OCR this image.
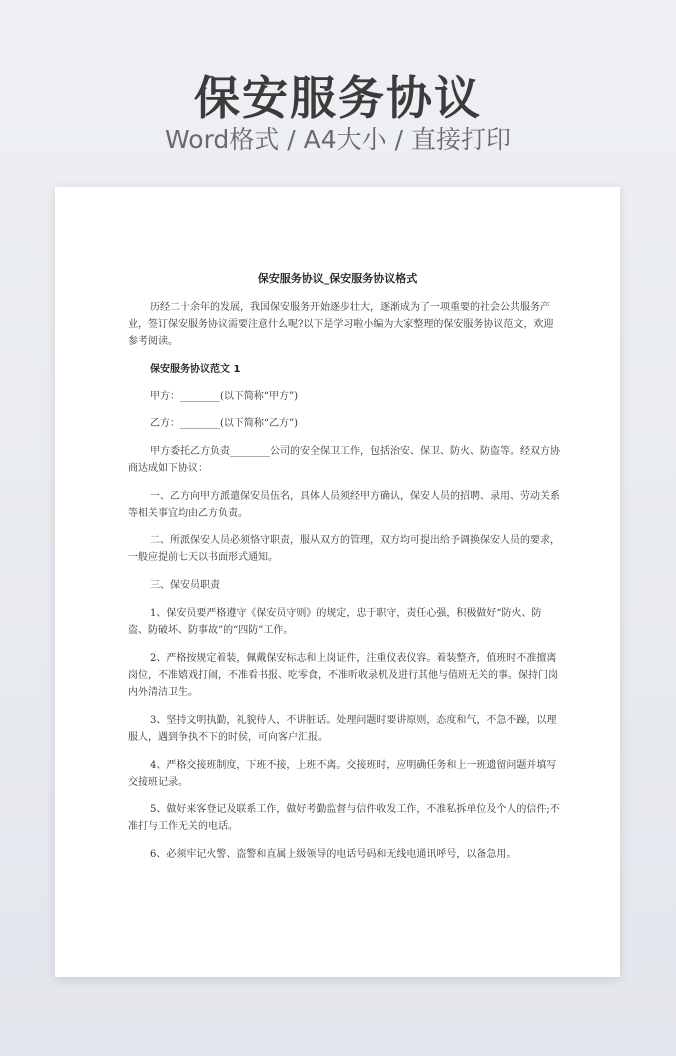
保安服务协议
Word格式 / A4大小 / 直接打印
保安服务协议_保安服务协议格式

历经二十余年的发展，我国保安服务开始逐步壮大，逐渐成为了一项重要的社会公共服务产业，签订保安服务协议需要注意什么呢?以下是学习啦小编为大家整理的保安服务协议范文，欢迎参考阅读。

保安服务协议范文 1

甲方：________(以下简称“甲方”)

乙方：________(以下简称“乙方”)

甲方委托乙方负责________公司的安全保卫工作，包括治安、保卫、防火、防盗等。经双方协商达成如下协议：

一、乙方向甲方派遣保安员伍名，具体人员须经甲方确认，保安人员的招聘、录用、劳动关系等相关事宜均由乙方负责。

二、所派保安人员必须恪守职责，服从双方的管理，双方均可提出给予调换保安人员的要求，一般应提前七天以书面形式通知。

三、保安员职责

1、保安员要严格遵守《保安员守则》的规定，忠于职守，责任心强，积极做好“防火、防盗、防破坏、防事故”的“四防”工作。

2、严格按规定着装，佩戴保安标志和上岗证件，注重仪表仪容。着装整齐，值班时不准擅离岗位，不准嬉戏打闹，不准看书报、吃零食，不准听收录机及进行其他与值班无关的事。保持门岗内外清洁卫生。

3、坚持文明执勤，礼貌待人，不讲脏话。处理问题时要讲原则，态度和气，不急不躁，以理服人，遇到争执不下的时侯，可向客户汇报。

4、严格交接班制度，下班不接，上班不离。交接班时，应明确任务和上一班遗留问题并填写交接班记录。

5、做好来客登记及联系工作，做好考勤监督与信件收发工作，不准私拆单位及个人的信件;不准打与工作无关的电话。

6、必须牢记火警、盗警和直属上级领导的电话号码和无线电通讯呼号，以备急用。
